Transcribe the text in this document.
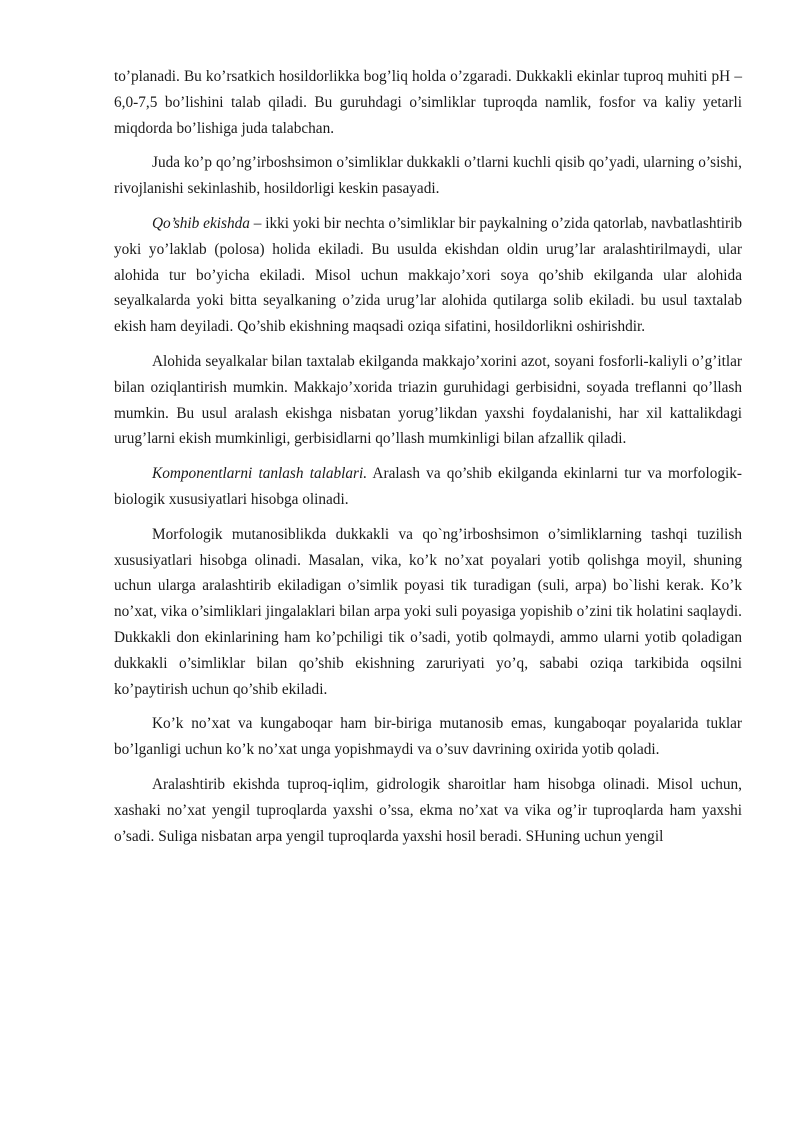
to’planadi. Bu ko’rsatkich hosildorlikka bog’liq holda o’zgaradi. Dukkakli ekinlar tuproq muhiti pH – 6,0-7,5 bo’lishini talab qiladi. Bu guruhdagi o’simliklar tuproqda namlik, fosfor va kaliy yetarli miqdorda bo’lishiga juda talabchan.

Juda ko’p qo’ng’irboshsimon o’simliklar dukkakli o’tlarni kuchli qisib qo’yadi, ularning o’sishi, rivojlanishi sekinlashib, hosildorligi keskin pasayadi.

Qo’shib ekishda – ikki yoki bir nechta o’simliklar bir paykalning o’zida qatorlab, navbatlashtirib yoki yo’laklab (polosa) holida ekiladi. Bu usulda ekishdan oldin urug’lar aralashtirilmaydi, ular alohida tur bo’yicha ekiladi. Misol uchun makkajo’xori soya qo’shib ekilganda ular alohida seyalkalarda yoki bitta seyalkaning o’zida urug’lar alohida qutilarga solib ekiladi. bu usul taxtalab ekish ham deyiladi. Qo’shib ekishning maqsadi oziqa sifatini, hosildorlikni oshirishdir.

Alohida seyalkalar bilan taxtalab ekilganda makkajo’xorini azot, soyani fosforli-kaliyli o’g’itlar bilan oziqlantirish mumkin. Makkajo’xorida triazin guruhidagi gerbisidni, soyada treflanni qo’llash mumkin. Bu usul aralash ekishga nisbatan yorug’likdan yaxshi foydalanishi, har xil kattalikdagi urug’larni ekish mumkinligi, gerbisidlarni qo’llash mumkinligi bilan afzallik qiladi.

Komponentlarni tanlash talablari. Aralash va qo’shib ekilganda ekinlarni tur va morfologik-biologik xususiyatlari hisobga olinadi.

Morfologik mutanosiblikda dukkakli va qo`ng’irboshsimon o’simliklarning tashqi tuzilish xususiyatlari hisobga olinadi. Masalan, vika, ko’k no’xat poyalari yotib qolishga moyil, shuning uchun ularga aralashtirib ekiladigan o’simlik poyasi tik turadigan (suli, arpa) bo`lishi kerak. Ko’k no’xat, vika o’simliklari jingalaklari bilan arpa yoki suli poyasiga yopishib o’zini tik holatini saqlaydi. Dukkakli don ekinlarining ham ko’pchiligi tik o’sadi, yotib qolmaydi, ammo ularni yotib qoladigan dukkakli o’simliklar bilan qo’shib ekishning zaruriyati yo’q, sababi oziqa tarkibida oqsilni ko’paytirish uchun qo’shib ekiladi.

Ko’k no’xat va kungaboqar ham bir-biriga mutanosib emas, kungaboqar poyalarida tuklar bo’lganligi uchun ko’k no’xat unga yopishmaydi va o’suv davrining oxirida yotib qoladi.

Aralashtirib ekishda tuproq-iqlim, gidrologik sharoitlar ham hisobga olinadi. Misol uchun, xashaki no’xat yengil tuproqlarda yaxshi o’ssa, ekma no’xat va vika og’ir tuproqlarda ham yaxshi o’sadi. Suliga nisbatan arpa yengil tuproqlarda yaxshi hosil beradi. SHuning uchun yengil
